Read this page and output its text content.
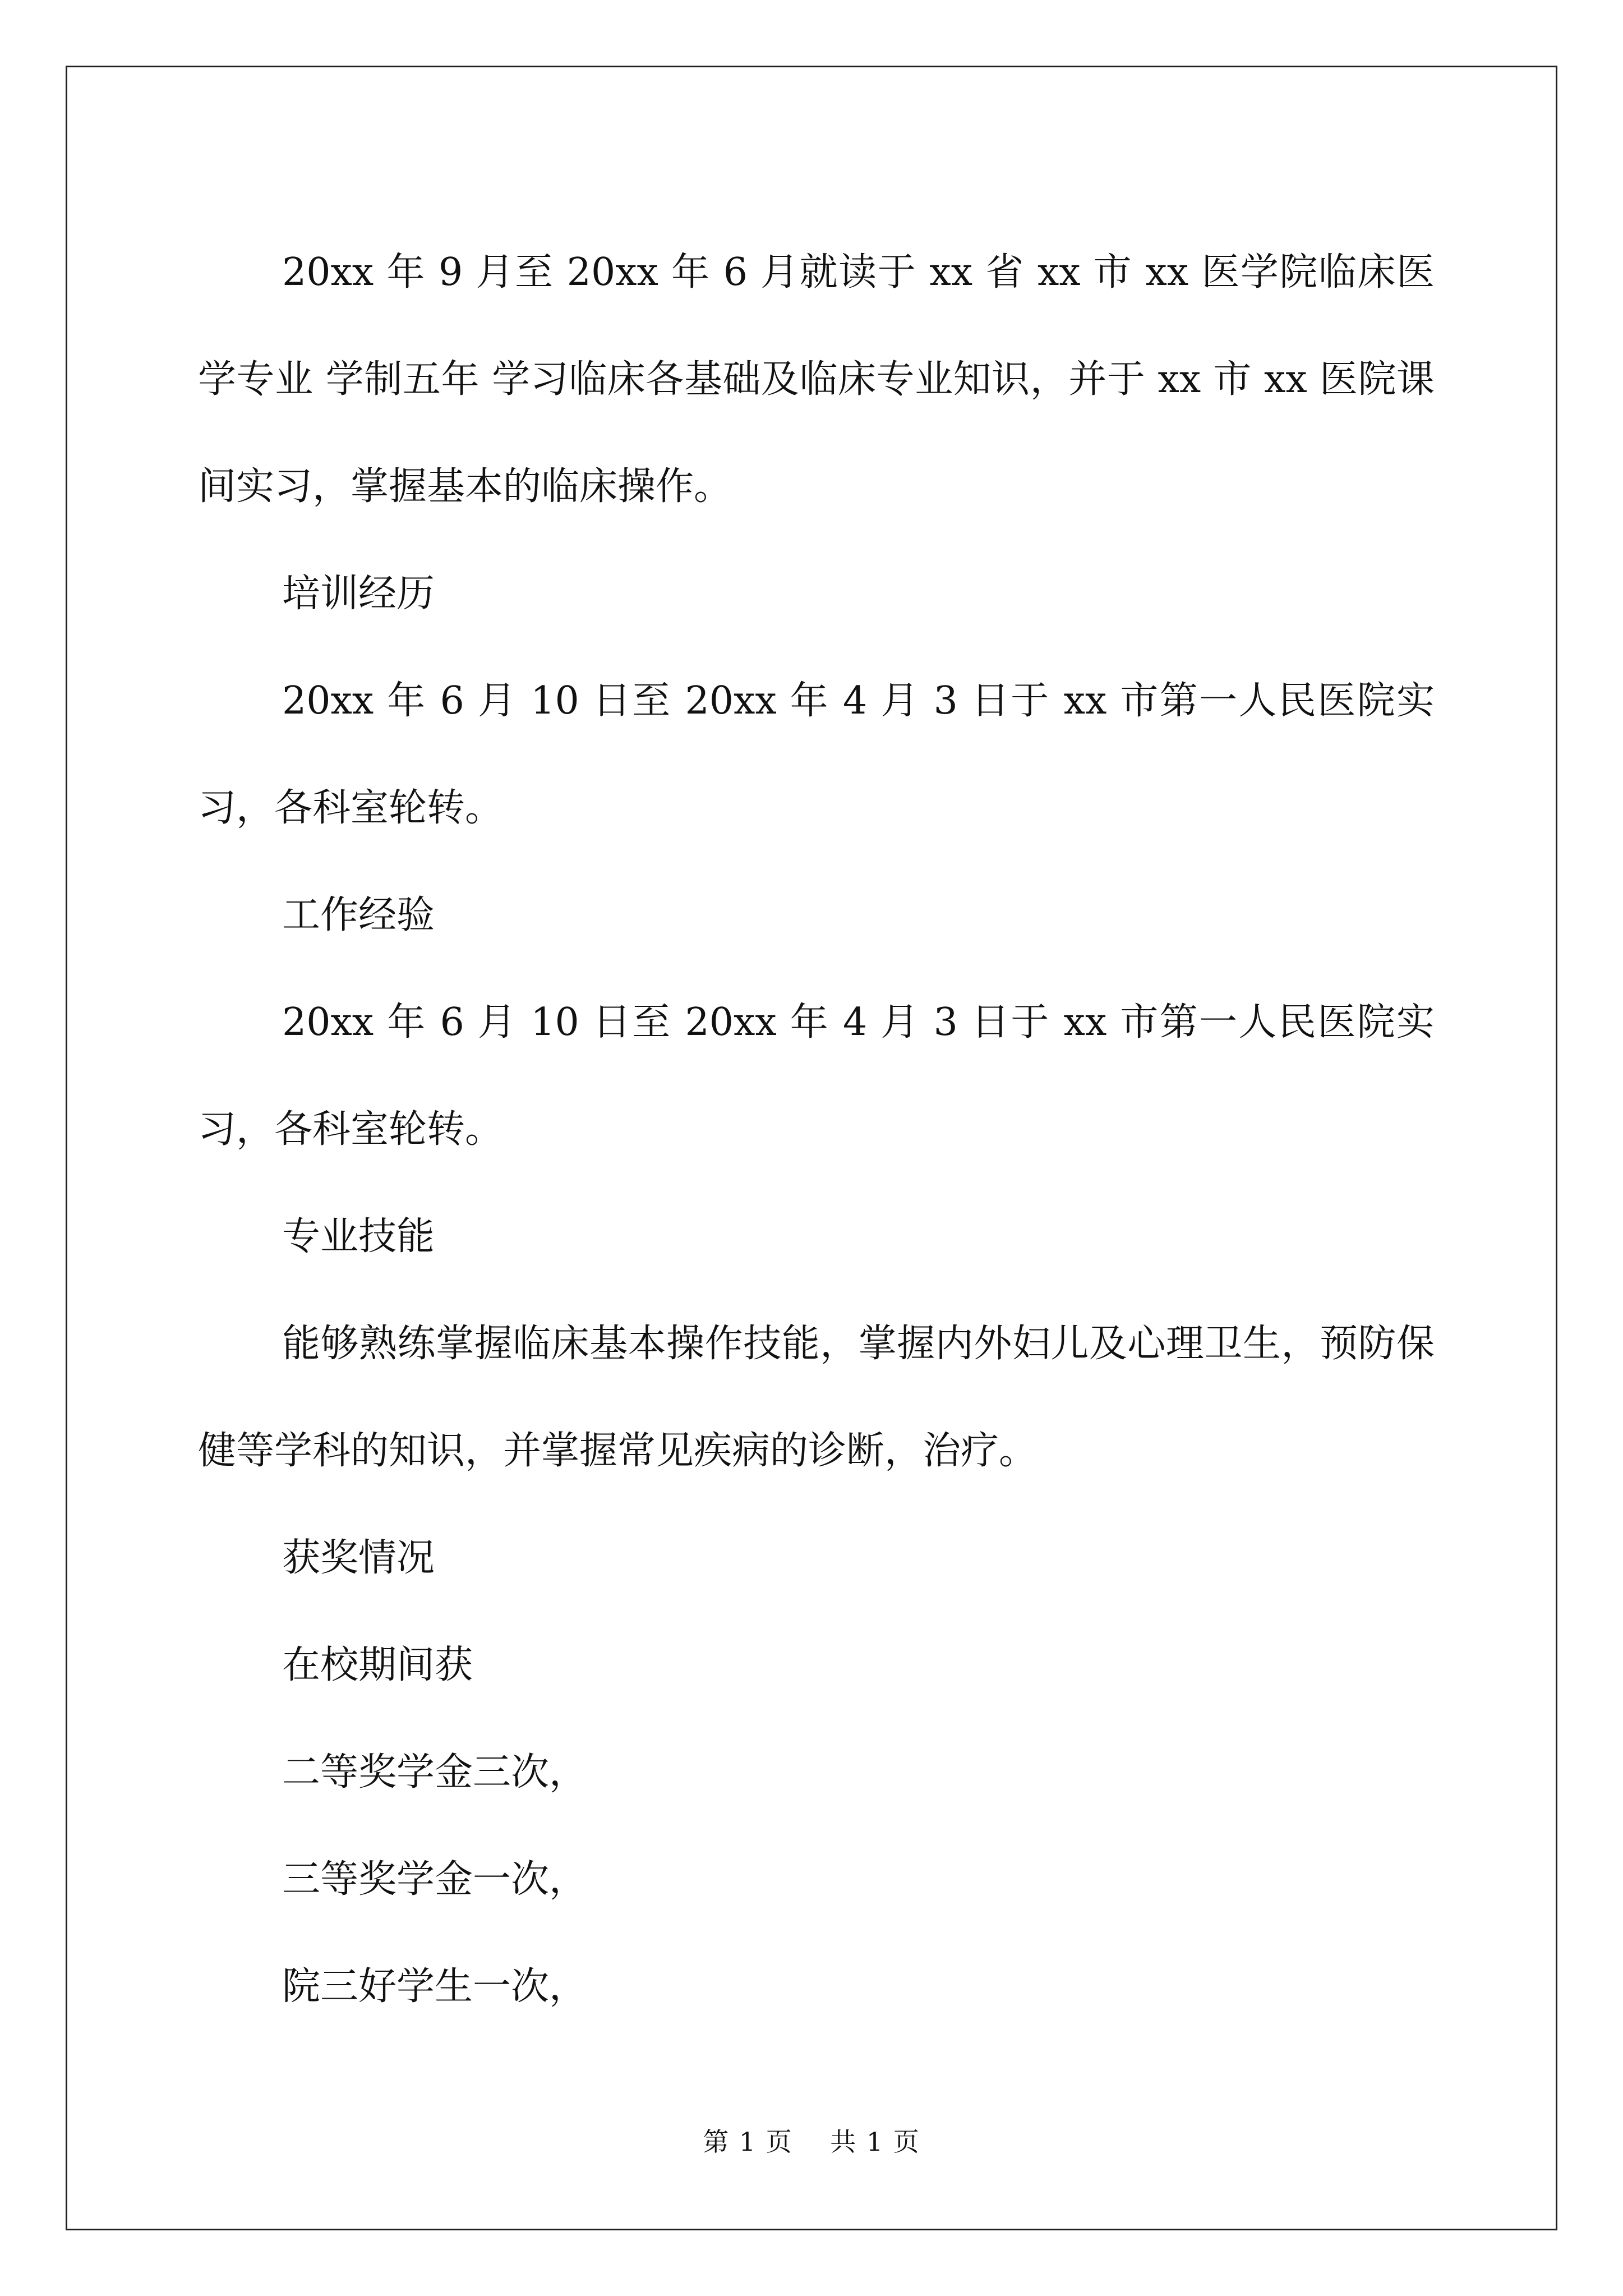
20xx 年 9 月至 20xx 年 6 月就读于 xx 省 xx 市 xx 医学院临床医学专业 学制五年 学习临床各基础及临床专业知识，并于 xx 市 xx 医院课间实习，掌握基本的临床操作。

培训经历

20xx 年 6 月 10 日至 20xx 年 4 月 3 日于 xx 市第一人民医院实习，各科室轮转。

工作经验

20xx 年 6 月 10 日至 20xx 年 4 月 3 日于 xx 市第一人民医院实习，各科室轮转。

专业技能

能够熟练掌握临床基本操作技能，掌握内外妇儿及心理卫生，预防保健等学科的知识，并掌握常见疾病的诊断，治疗。

获奖情况

在校期间获

二等奖学金三次，

三等奖学金一次，

院三好学生一次，

第 1 页    共 1 页
